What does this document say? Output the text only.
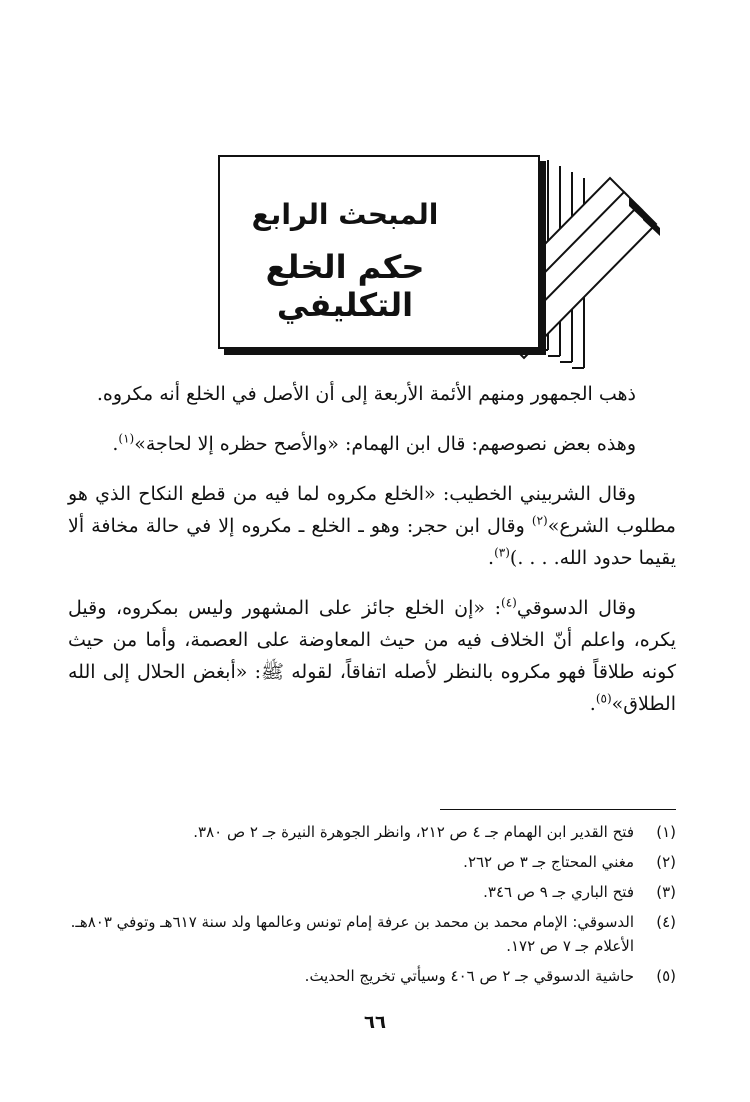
المبحث الرابع
حكم الخلع التكليفي

ذهب الجمهور ومنهم الأئمة الأربعة إلى أن الأصل في الخلع أنه مكروه.

وهذه بعض نصوصهم: قال ابن الهمام: «والأصح حظره إلا لحاجة»$^{(١)}$.

وقال الشربيني الخطيب: «الخلع مكروه لما فيه من قطع النكاح الذي هو مطلوب الشرع»$^{(٢)}$ وقال ابن حجر: وهو ـ الخلع ـ مكروه إلا في حالة مخافة ألا يقيما حدود الله. . . .)$^{(٣)}$.

وقال الدسوقي$^{(٤)}$: «إن الخلع جائز على المشهور وليس بمكروه، وقيل يكره، واعلم أنّ الخلاف فيه من حيث المعاوضة على العصمة، وأما من حيث كونه طلاقاً فهو مكروه بالنظر لأصله اتفاقاً، لقوله ﷺ: «أبغض الحلال إلى الله الطلاق»$^{(٥)}$.

(١)
فتح القدير ابن الهمام جـ ٤ ص ٢١٢، وانظر الجوهرة النيرة جـ ٢ ص ٣٨٠.
(٢)
مغني المحتاج جـ ٣ ص ٢٦٢.
(٣)
فتح الباري جـ ٩ ص ٣٤٦.
(٤)
الدسوقي: الإمام محمد بن محمد بن عرفة إمام تونس وعالمها ولد سنة ٦١٧هـ وتوفي ٨٠٣هـ. الأعلام جـ ٧ ص ١٧٢.
(٥)
حاشية الدسوقي جـ ٢ ص ٤٠٦ وسيأتي تخريج الحديث.
٦٦
